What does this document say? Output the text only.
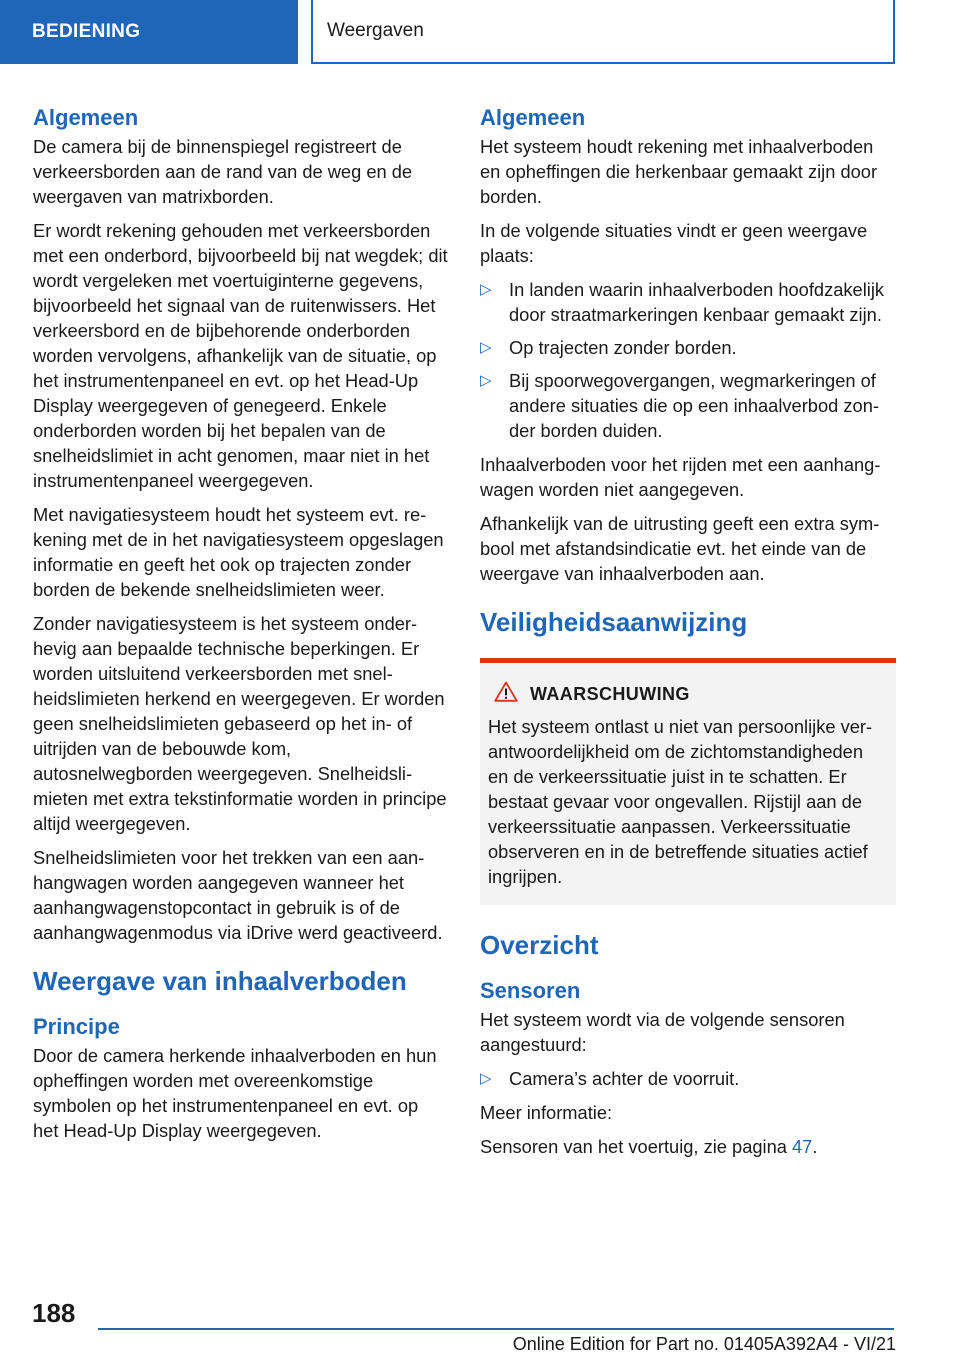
BEDIENING	Weergaven
Algemeen

De camera bij de binnenspiegel registreert de verkeersborden aan de rand van de weg en de weergaven van matrixborden.

Er wordt rekening gehouden met verkeersborden met een onderbord, bijvoorbeeld bij nat wegdek; dit wordt vergeleken met voertuiginterne gegevens, bijvoorbeeld het signaal van de ruitenwissers. Het verkeersbord en de bijbehorende onderborden worden vervolgens, afhankelijk van de situatie, op het instrumentenpaneel en evt. op het Head-Up Display weergegeven of genegeerd. Enkele onderborden worden bij het bepalen van de snelheidslimiet in acht genomen, maar niet in het instrumentenpaneel weergegeven.

Met navigatiesysteem houdt het systeem evt. rekening met de in het navigatiesysteem opgeslagen informatie en geeft het ook op trajecten zonder borden de bekende snelheidslimieten weer.

Zonder navigatiesysteem is het systeem onderhevig aan bepaalde technische beperkingen. Er worden uitsluitend verkeersborden met snelheidslimieten herkend en weergegeven. Er worden geen snelheidslimieten gebaseerd op het in- of uitrijden van de bebouwde kom, autosnelwegborden weergegeven. Snelheidslimieten met extra tekstinformatie worden in principe altijd weergegeven.

Snelheidslimieten voor het trekken van een aanhangwagen worden aangegeven wanneer het aanhangwagenstopcontact in gebruik is of de aanhangwagenmodus via iDrive werd geactiveerd.

Weergave van inhaalverboden
Principe

Door de camera herkende inhaalverboden en hun opheffingen worden met overeenkomstige symbolen op het instrumentenpaneel en evt. op het Head-Up Display weergegeven.

Algemeen

Het systeem houdt rekening met inhaalverboden en opheffingen die herkenbaar gemaakt zijn door borden.

In de volgende situaties vindt er geen weergave plaats:

▷ In landen waarin inhaalverboden hoofdzakelijk door straatmarkeringen kenbaar gemaakt zijn.
▷ Op trajecten zonder borden.
▷ Bij spoorwegovergangen, wegmarkeringen of andere situaties die op een inhaalverbod zonder borden duiden.

Inhaalverboden voor het rijden met een aanhangwagen worden niet aangegeven.

Afhankelijk van de uitrusting geeft een extra symbool met afstandsindicatie evt. het einde van de weergave van inhaalverboden aan.

Veiligheidsaanwijzing
WAARSCHUWING

Het systeem ontlast u niet van persoonlijke verantwoordelijkheid om de zichtomstandigheden en de verkeerssituatie juist in te schatten. Er bestaat gevaar voor ongevallen. Rijstijl aan de verkeerssituatie aanpassen. Verkeerssituatie observeren en in de betreffende situaties actief ingrijpen.

Overzicht
Sensoren

Het systeem wordt via de volgende sensoren aangestuurd:

▷ Camera’s achter de voorruit.

Meer informatie:

Sensoren van het voertuig, zie pagina 47.

188
Online Edition for Part no. 01405A392A4 - VI/21
